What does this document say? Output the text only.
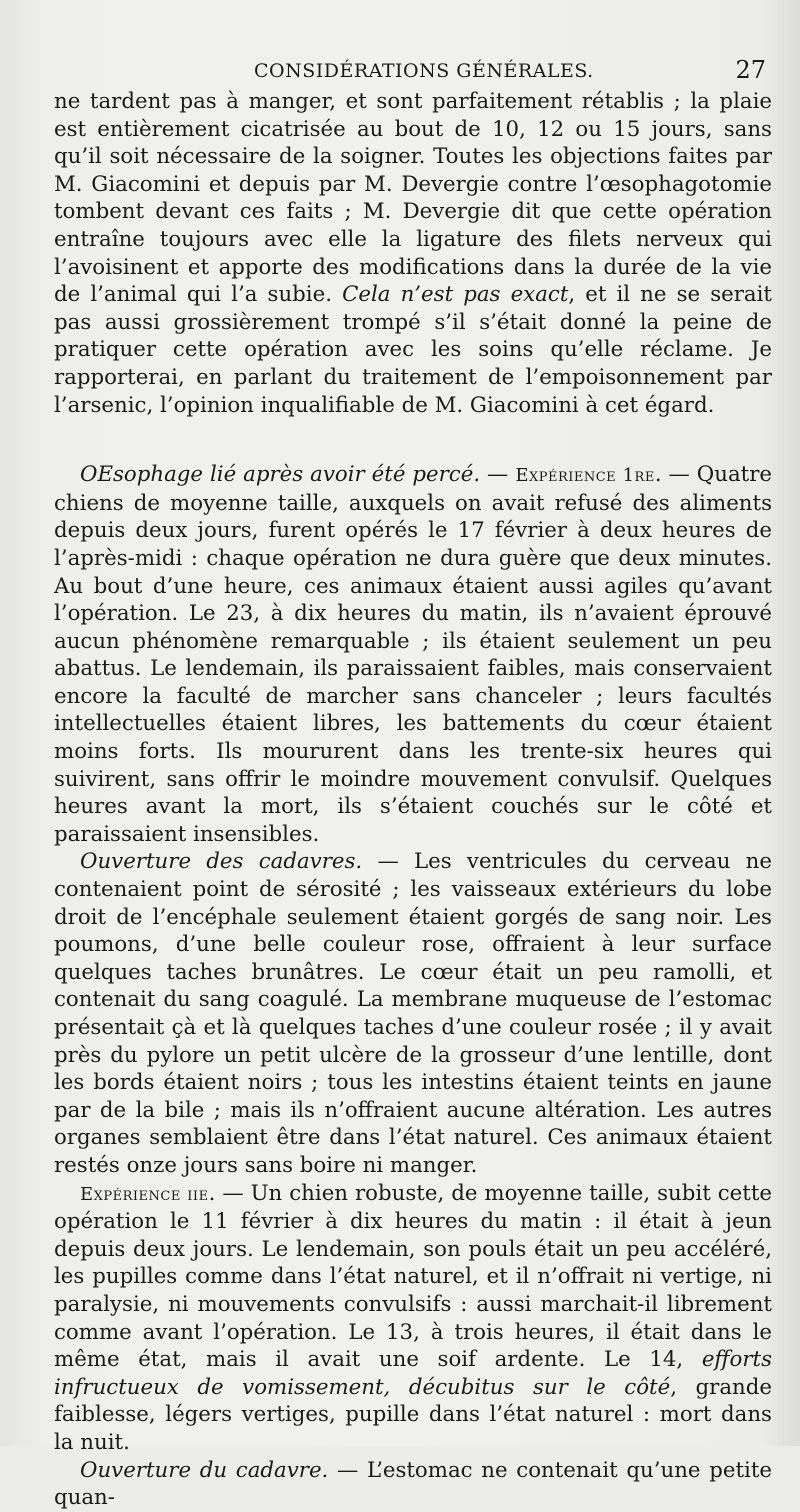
CONSIDÉRATIONS GÉNÉRALES.	27

ne tardent pas à manger, et sont parfaitement rétablis ; la plaie est entièrement cicatrisée au bout de 10, 12 ou 15 jours, sans qu’il soit nécessaire de la soigner. Toutes les objections faites par M. Giacomini et depuis par M. Devergie contre l’œsophagotomie tombent devant ces faits ; M. Devergie dit que cette opération entraîne toujours avec elle la ligature des filets nerveux qui l’avoisinent et apporte des modifications dans la durée de la vie de l’animal qui l’a subie. Cela n’est pas exact, et il ne se serait pas aussi grossièrement trompé s’il s’était donné la peine de pratiquer cette opération avec les soins qu’elle réclame. Je rapporterai, en parlant du traitement de l’empoisonnement par l’arsenic, l’opinion inqualifiable de M. Giacomini à cet égard.

OEsophage lié après avoir été percé. — Expérience 1re. — Quatre chiens de moyenne taille, auxquels on avait refusé des aliments depuis deux jours, furent opérés le 17 février à deux heures de l’après-midi : chaque opération ne dura guère que deux minutes. Au bout d’une heure, ces animaux étaient aussi agiles qu’avant l’opération. Le 23, à dix heures du matin, ils n’avaient éprouvé aucun phénomène remarquable ; ils étaient seulement un peu abattus. Le lendemain, ils paraissaient faibles, mais conservaient encore la faculté de marcher sans chanceler ; leurs facultés intellectuelles étaient libres, les battements du cœur étaient moins forts. Ils moururent dans les trente-six heures qui suivirent, sans offrir le moindre mouvement convulsif. Quelques heures avant la mort, ils s’étaient couchés sur le côté et paraissaient insensibles.

Ouverture des cadavres. — Les ventricules du cerveau ne contenaient point de sérosité ; les vaisseaux extérieurs du lobe droit de l’encéphale seulement étaient gorgés de sang noir. Les poumons, d’une belle couleur rose, offraient à leur surface quelques taches brunâtres. Le cœur était un peu ramolli, et contenait du sang coagulé. La membrane muqueuse de l’estomac présentait çà et là quelques taches d’une couleur rosée ; il y avait près du pylore un petit ulcère de la grosseur d’une lentille, dont les bords étaient noirs ; tous les intestins étaient teints en jaune par de la bile ; mais ils n’offraient aucune altération. Les autres organes semblaient être dans l’état naturel. Ces animaux étaient restés onze jours sans boire ni manger.

Expérience iie. — Un chien robuste, de moyenne taille, subit cette opération le 11 février à dix heures du matin : il était à jeun depuis deux jours. Le lendemain, son pouls était un peu accéléré, les pupilles comme dans l’état naturel, et il n’offrait ni vertige, ni paralysie, ni mouvements convulsifs : aussi marchait-il librement comme avant l’opération. Le 13, à trois heures, il était dans le même état, mais il avait une soif ardente. Le 14, efforts infructueux de vomissement, décubitus sur le côté, grande faiblesse, légers vertiges, pupille dans l’état naturel : mort dans la nuit.

Ouverture du cadavre. — L’estomac ne contenait qu’une petite quan-
